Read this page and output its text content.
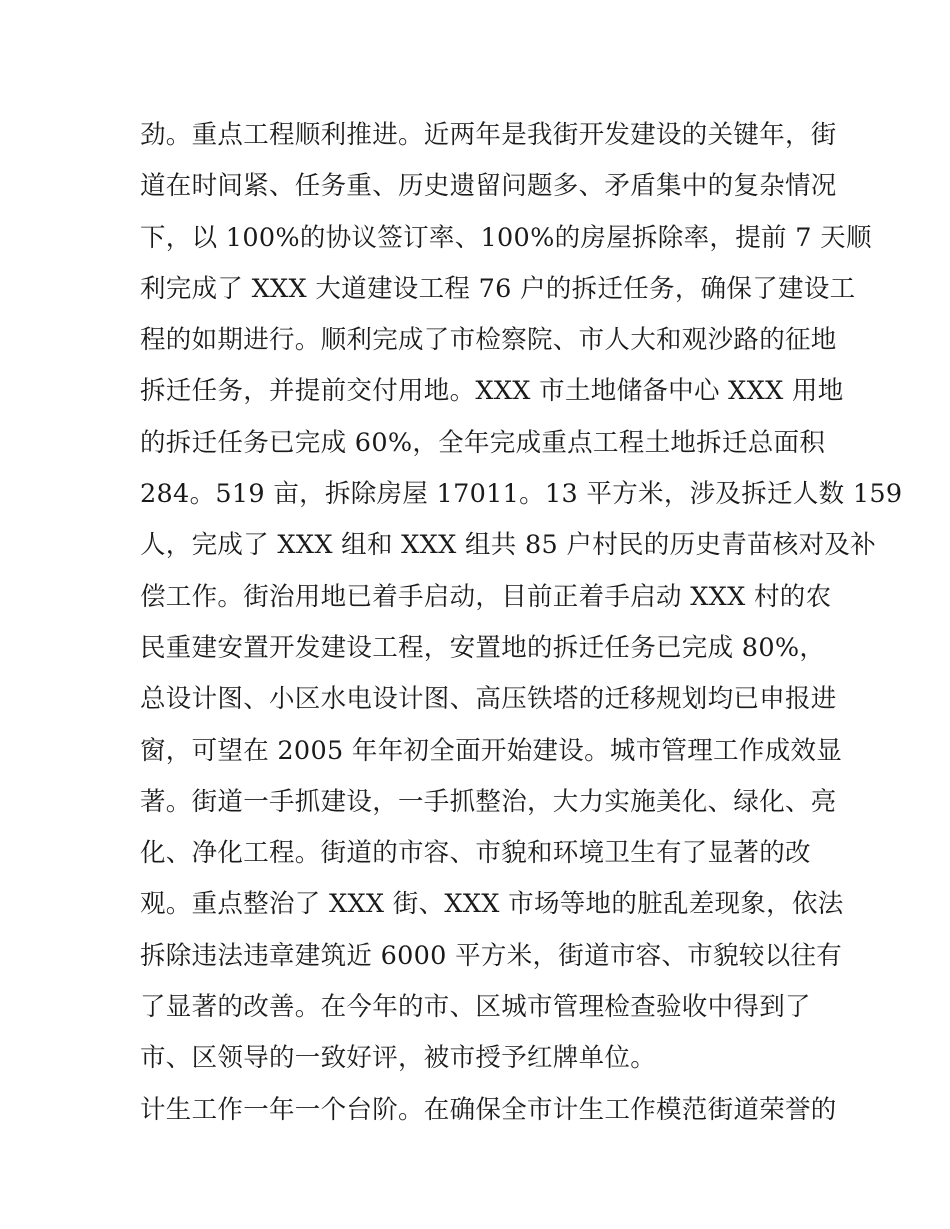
劲。重点工程顺利推进。近两年是我街开发建设的关键年，街
道在时间紧、任务重、历史遗留问题多、矛盾集中的复杂情况
下，以 100%的协议签订率、100%的房屋拆除率，提前 7 天顺
利完成了 XXX 大道建设工程 76 户的拆迁任务，确保了建设工
程的如期进行。顺利完成了市检察院、市人大和观沙路的征地
拆迁任务，并提前交付用地。XXX 市土地储备中心 XXX 用地
的拆迁任务已完成 60%，全年完成重点工程土地拆迁总面积
284。519 亩，拆除房屋 17011。13 平方米，涉及拆迁人数 159
人，完成了 XXX 组和 XXX 组共 85 户村民的历史青苗核对及补
偿工作。街治用地已着手启动，目前正着手启动 XXX 村的农
民重建安置开发建设工程，安置地的拆迁任务已完成 80%，
总设计图、小区水电设计图、高压铁塔的迁移规划均已申报进
窗，可望在 2005 年年初全面开始建设。城市管理工作成效显
著。街道一手抓建设，一手抓整治，大力实施美化、绿化、亮
化、净化工程。街道的市容、市貌和环境卫生有了显著的改
观。重点整治了 XXX 街、XXX 市场等地的脏乱差现象，依法
拆除违法违章建筑近 6000 平方米，街道市容、市貌较以往有
了显著的改善。在今年的市、区城市管理检查验收中得到了
市、区领导的一致好评，被市授予红牌单位。
计生工作一年一个台阶。在确保全市计生工作模范街道荣誉的
